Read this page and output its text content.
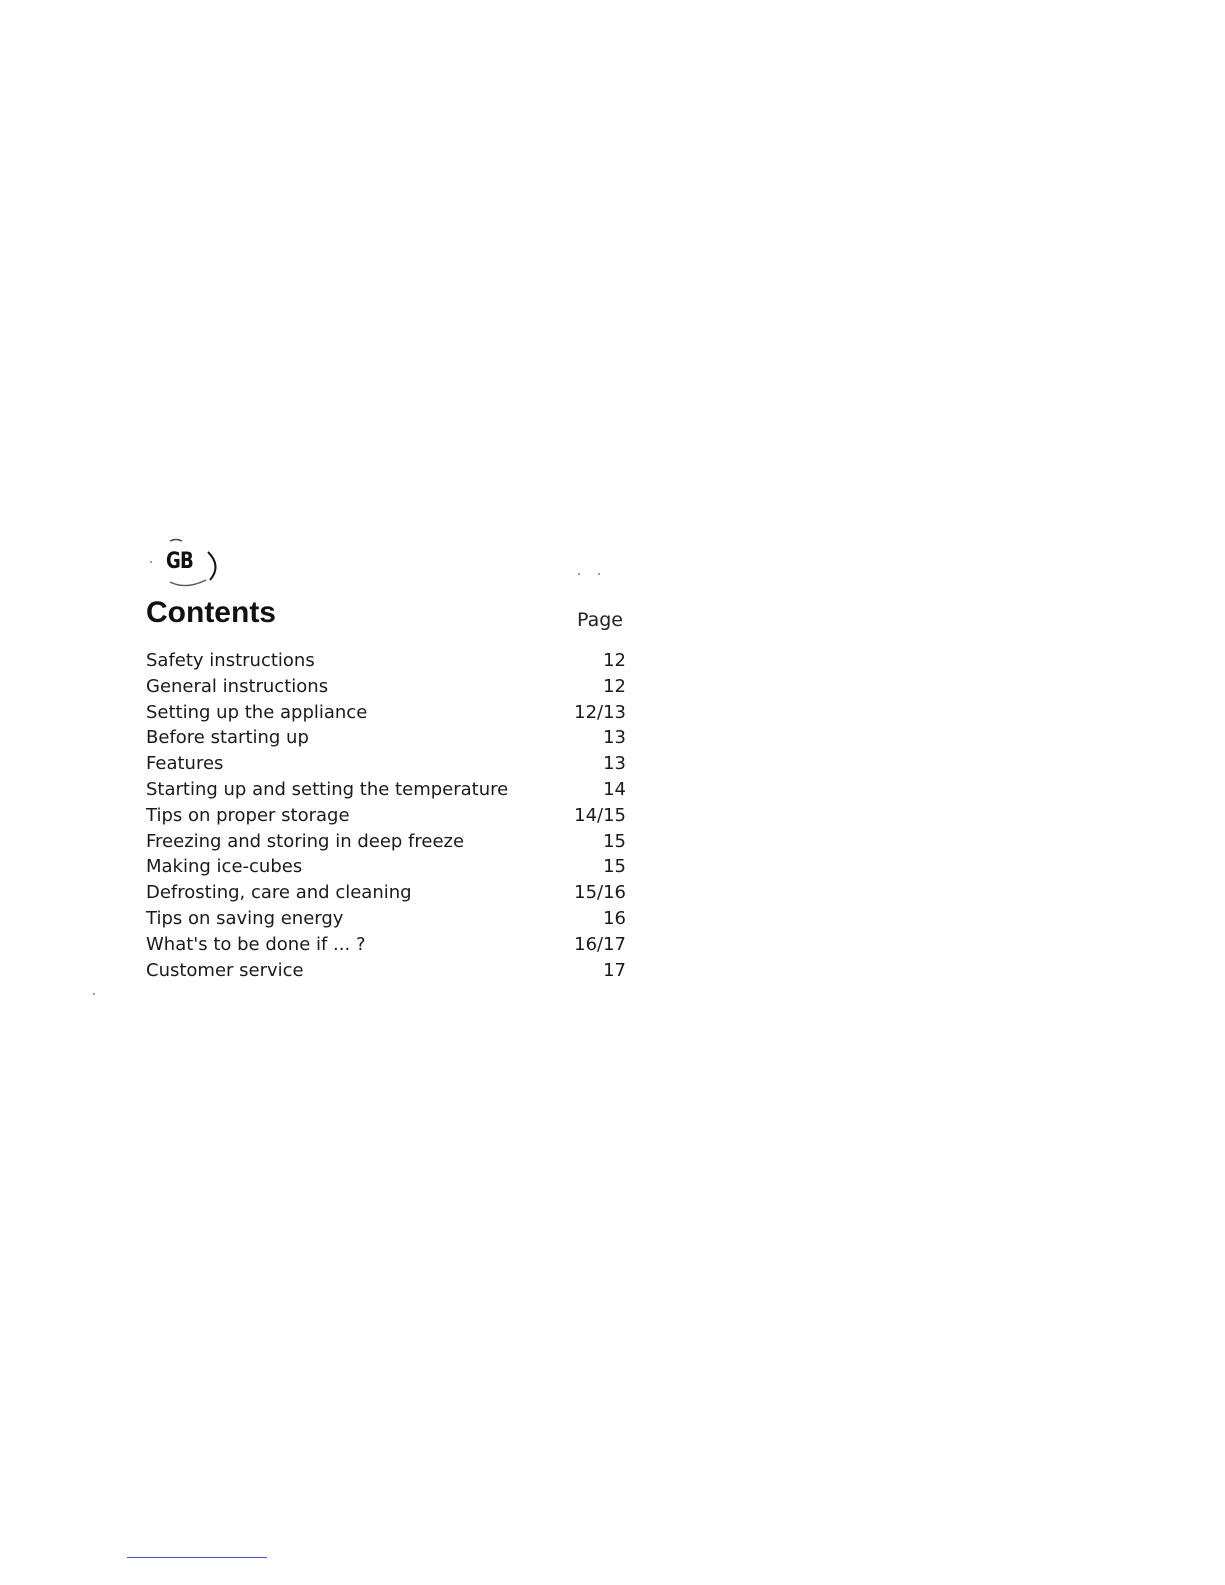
GB
Contents	Page
Safety instructions	12
General instructions	12
Setting up the appliance	12/13
Before starting up	13
Features	13
Starting up and setting the temperature	14
Tips on proper storage	14/15
Freezing and storing in deep freeze	15
Making ice-cubes	15
Defrosting, care and cleaning	15/16
Tips on saving energy	16
What's to be done if ... ?	16/17
Customer service	17
